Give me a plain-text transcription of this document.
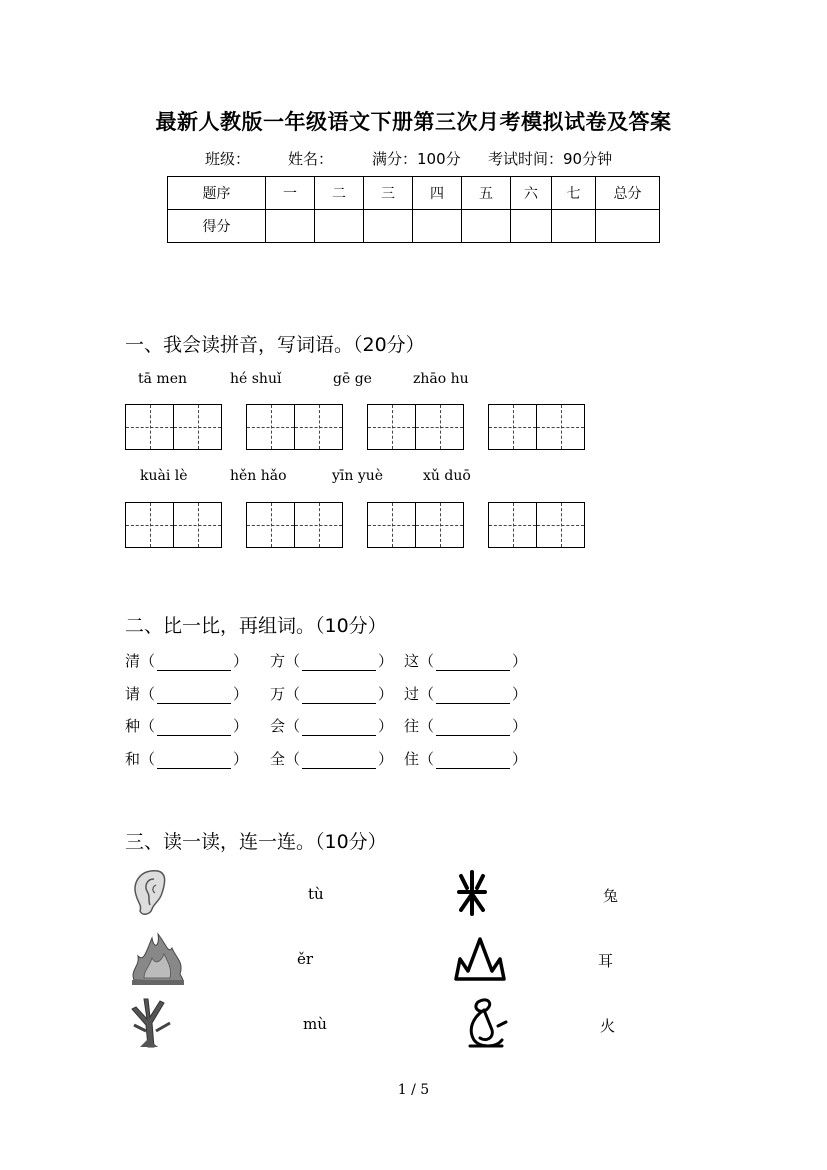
最新人教版一年级语文下册第三次月考模拟试卷及答案
班级：	姓名：	满分：100分 考试时间：90分钟
题序	一	二	三	四	五	六	七	总分
得分								
一、我会读拼音，写词语。（20分）
tā men	hé shuǐ	gē ge	zhāo hu
kuài lè	hěn hǎo	yīn yuè	xǔ duō
二、比一比，再组词。（10分）
清 （	） 方 （	） 这 （	）
请 （	） 万 （	） 过 （	）
种 （	） 会 （	） 往 （	）
和 （	） 全 （	） 住 （	）
三、读一读，连一连。（10分）
tù
ěr
mù
兔
耳
火
1 / 5
